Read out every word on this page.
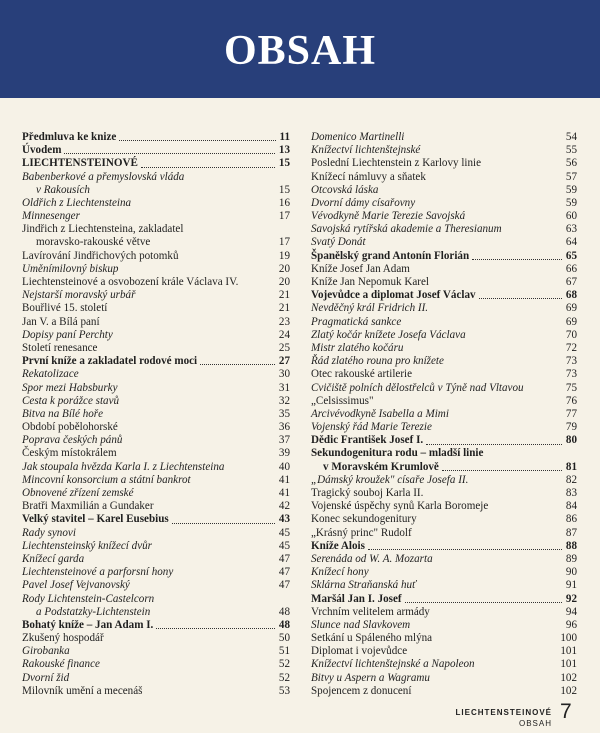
OBSAH
Předmluva ke knize	11
Úvodem	13
LIECHTENSTEINOVÉ	15
Babenberkové a přemyslovská vláda
v Rakousích	15
Oldřich z Liechtensteina	16
Minnesenger	17
Jindřich z Liechtensteina, zakladatel
moravsko-rakouské větve	17
Lavírování Jindřichových potomků	19
Uměnímilovný biskup	20
Liechtensteinové a osvobození krále Václava IV.	20
Nejstarší moravský urbář	21
Bouřlivé 15. století	21
Jan V. a Bílá paní	23
Dopisy paní Perchty	24
Století renesance	25
První kníže a zakladatel rodové moci	27
Rekatolizace	30
Spor mezi Habsburky	31
Cesta k porážce stavů	32
Bitva na Bílé hoře	35
Období pobělohorské	36
Poprava českých pánů	37
Českým místokrálem	39
Jak stoupala hvězda Karla I. z Liechtensteina	40
Mincovní konsorcium a státní bankrot	41
Obnovené zřízení zemské	41
Bratři Maxmilián a Gundaker	42
Velký stavitel – Karel Eusebius	43
Rady synovi	45
Liechtensteinský knížecí dvůr	45
Knížecí garda	47
Liechtensteinové a parforsní hony	47
Pavel Josef Vejvanovský	47
Rody Lichtenstein-Castelcorn
a Podstatzky-Lichtenstein	48
Bohatý kníže – Jan Adam I.	48
Zkušený hospodář	50
Girobanka	51
Rakouské finance	52
Dvorní žid	52
Milovník umění a mecenáš	53
Domenico Martinelli	54
Knížectví lichtenštejnské	55
Poslední Liechtenstein z Karlovy linie	56
Knížecí námluvy a sňatek	57
Otcovská láska	59
Dvorní dámy císařovny	59
Vévodkyně Marie Terezie Savojská	60
Savojská rytířská akademie a Theresianum	63
Svatý Donát	64
Španělský grand Antonín Florián	65
Kníže Josef Jan Adam	66
Kníže Jan Nepomuk Karel	67
Vojevůdce a diplomat Josef Václav	68
Nevděčný král Fridrich II.	69
Pragmatická sankce	69
Zlatý kočár knížete Josefa Václava	70
Mistr zlatého kočáru	72
Řád zlatého rouna pro knížete	73
Otec rakouské artilerie	73
Cvičiště polních dělostřelců v Týně nad Vltavou	75
„Celsissimus"	76
Arcivévodkyně Isabella a Mimi	77
Vojenský řád Marie Terezie	79
Dědic František Josef I.	80
Sekundogenitura rodu – mladší linie
v Moravském Krumlově	81
„Dámský kroužek" císaře Josefa II.	82
Tragický souboj Karla II.	83
Vojenské úspěchy synů Karla Boromeje	84
Konec sekundogenitury	86
„Krásný princ" Rudolf	87
Kníže Alois	88
Serenáda od W. A. Mozarta	89
Knížecí hony	90
Sklárna Straňanská huť	91
Maršál Jan I. Josef	92
Vrchním velitelem armády	94
Slunce nad Slavkovem	96
Setkání u Spáleného mlýna	100
Diplomat i vojevůdce	101
Knížectví lichtenštejnské a Napoleon	101
Bitvy u Aspern a Wagramu	102
Spojencem z donucení	102
LIECHTENSTEINOVÉ
OBSAH
7
